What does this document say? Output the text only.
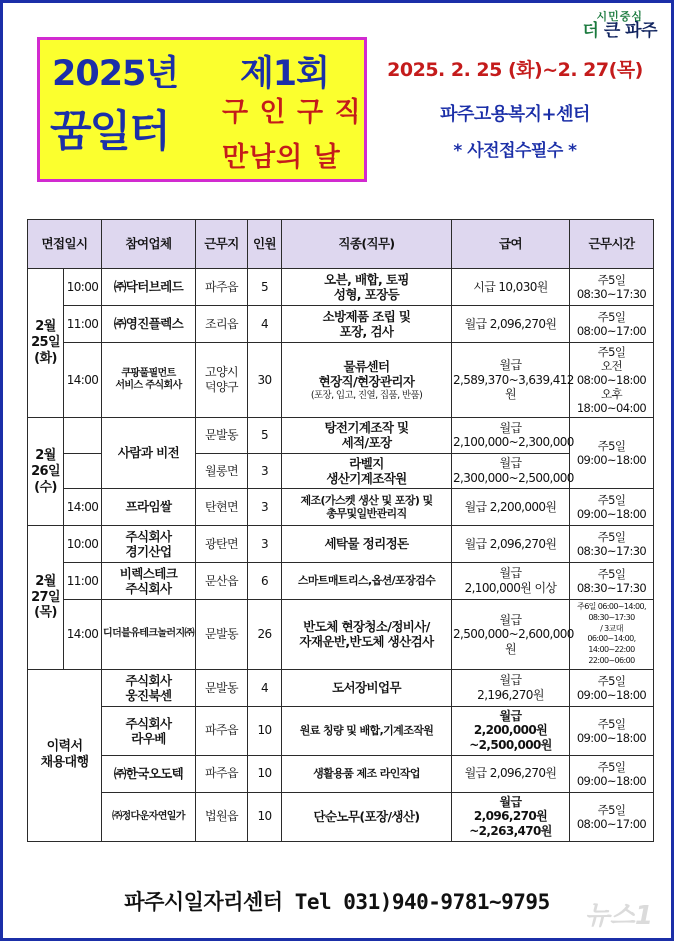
시민중심
더 큰 파주
2025년 제1회
꿈일터 구 인 구 직
만남의 날
2025. 2. 25 (화)~2. 27(목)
파주고용복지+센터
* 사전접수필수 *
면접일시		참여업체	근무지	인원	직종(직무)	급여	근무시간
2월
25일
(화)	10:00	㈜닥터브레드	파주읍	5	오븐, 배합, 토핑
성형, 포장등	시급 10,030원	주5일
08:30~17:30
	11:00	㈜영진플렉스	조리읍	4	소방제품 조립 및
포장, 검사	월급 2,096,270원	주5일
08:00~17:00
	14:00	쿠팡풀필먼트
서비스 주식회사	고양시
덕양구	30	물류센터
현장직/현장관리자
(포장, 입고, 진열, 집품, 반품)	월급
2,589,370~3,639,412원	주5일
오전 08:00~18:00
오후 18:00~04:00
2월
26일
(수)		사람과 비전	문발동	5	탕전기계조작 및
세적/포장	월급
2,100,000~2,300,000	주5일
09:00~18:00
			월롱면	3	라벨지
생산기계조작원	월급
2,300,000~2,500,000	
	14:00	프라임쌀	탄현면	3	제조(가스켓 생산 및 포장) 및
총무및일반관리직	월급 2,200,000원	주5일
09:00~18:00
2월
27일
(목)	10:00	주식회사
경기산업	광탄면	3	세탁물 정리정돈	월급 2,096,270원	주5일
08:30~17:30
	11:00	비렉스테크
주식회사	문산읍	6	스마트매트리스,옵션/포장검수	월급
2,100,000원 이상	주5일
08:30~17:30
	14:00	디더블유테크놀러지㈜	문발동	26	반도체 현장청소/정비사/
자재운반,반도체 생산검사	월급
2,500,000~2,600,000원	주6일 06:00~14:00, 08:30~17:30
/ 3교대
06:00~14:00, 14:00~22:00
22:00~06:00
이력서
채용대행		주식회사
웅진북센	문발동	4	도서장비업무	월급
2,196,270원	주5일
09:00~18:00
		주식회사
라우베	파주읍	10	원료 칭량 및 배합,기계조작원	월급
2,200,000원~2,500,000원	주5일
09:00~18:00
		㈜한국오도텍	파주읍	10	생활용품 제조 라인작업	월급 2,096,270원	주5일
09:00~18:00
		㈜정다운자연일가	법원읍	10	단순노무(포장/생산)	월급
2,096,270원~2,263,470원	주5일
08:00~17:00
파주시일자리센터 Tel 031)940-9781~9795	뉴스1
